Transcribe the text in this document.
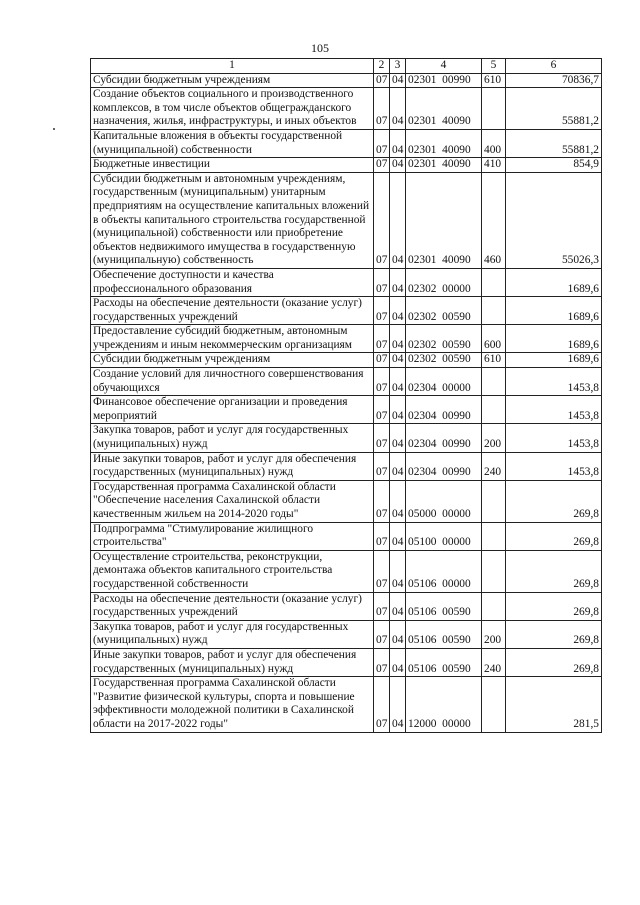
105
1	2	3	4	5	6
Субсидии бюджетным учреждениям	07	04	02301  00990	610	70836,7
Создание объектов социального и производственного комплексов, в том числе объектов общегражданского назначения, жилья, инфраструктуры, и иных объектов	07	04	02301  40090		55881,2
Капитальные вложения в объекты государственной (муниципальной) собственности	07	04	02301  40090	400	55881,2
Бюджетные инвестиции	07	04	02301  40090	410	854,9
Субсидии бюджетным и автономным учреждениям, государственным (муниципальным) унитарным предприятиям на осуществление капитальных вложений в объекты капитального строительства государственной (муниципальной) собственности или приобретение объектов недвижимого имущества в государственную (муниципальную) собственность	07	04	02301  40090	460	55026,3
Обеспечение доступности и качества профессионального образования	07	04	02302  00000		1689,6
Расходы на обеспечение деятельности (оказание услуг) государственных учреждений	07	04	02302  00590		1689,6
Предоставление субсидий бюджетным, автономным учреждениям и иным некоммерческим организациям	07	04	02302  00590	600	1689,6
Субсидии бюджетным учреждениям	07	04	02302  00590	610	1689,6
Создание условий для личностного совершенствования обучающихся	07	04	02304  00000		1453,8
Финансовое обеспечение организации и проведения мероприятий	07	04	02304  00990		1453,8
Закупка товаров, работ и услуг для государственных (муниципальных) нужд	07	04	02304  00990	200	1453,8
Иные закупки товаров, работ и услуг для обеспечения государственных (муниципальных) нужд	07	04	02304  00990	240	1453,8
Государственная программа Сахалинской области "Обеспечение населения Сахалинской области качественным жильем на 2014-2020 годы"	07	04	05000  00000		269,8
Подпрограмма "Стимулирование жилищного строительства"	07	04	05100  00000		269,8
Осуществление строительства, реконструкции, демонтажа объектов капитального строительства государственной собственности	07	04	05106  00000		269,8
Расходы на обеспечение деятельности (оказание услуг) государственных учреждений	07	04	05106  00590		269,8
Закупка товаров, работ и услуг для государственных (муниципальных) нужд	07	04	05106  00590	200	269,8
Иные закупки товаров, работ и услуг для обеспечения государственных (муниципальных) нужд	07	04	05106  00590	240	269,8
Государственная программа Сахалинской области "Развитие физической культуры, спорта и повышение эффективности молодежной политики в Сахалинской области на 2017-2022 годы"	07	04	12000  00000		281,5
